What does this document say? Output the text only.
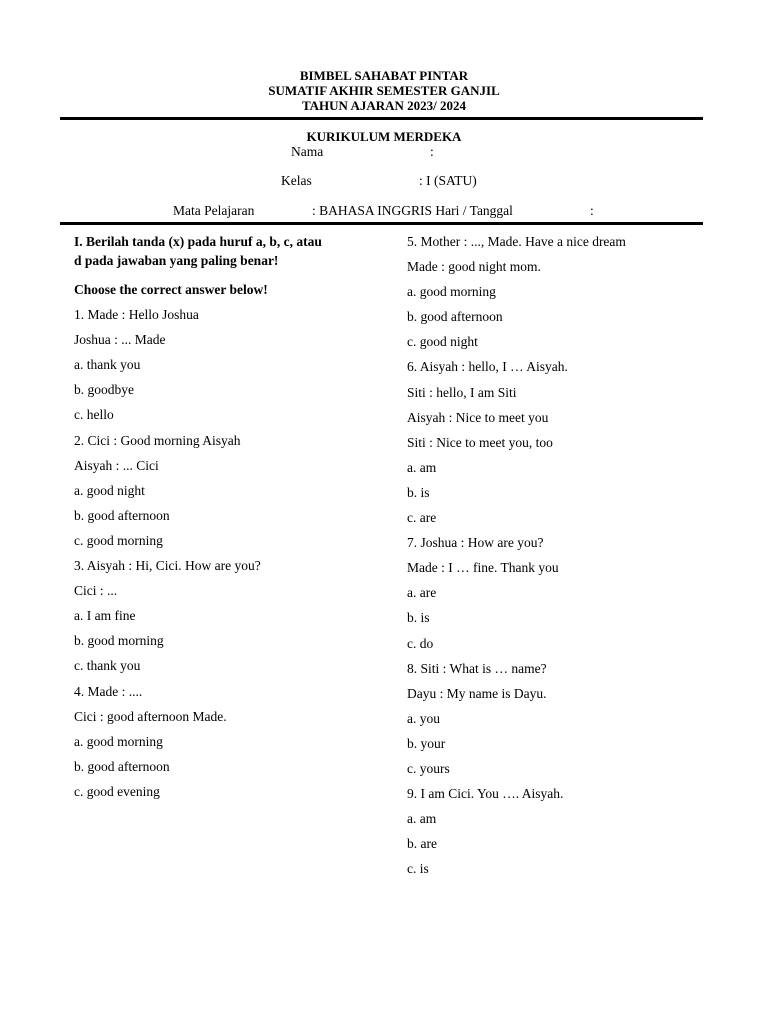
BIMBEL SAHABAT PINTAR
SUMATIF AKHIR SEMESTER GANJIL
TAHUN AJARAN 2023/ 2024
KURIKULUM MERDEKA
Nama	:
Kelas	: I (SATU)
Mata Pelajaran	: BAHASA INGGRIS Hari / Tanggal	:
I. Berilah tanda (x) pada huruf a, b, c, atau
d pada jawaban yang paling benar!
Choose the correct answer below!
1. Made : Hello Joshua
Joshua : ... Made
a. thank you
b. goodbye
c. hello
2. Cici : Good morning Aisyah
Aisyah : ... Cici
a. good night
b. good afternoon
c. good morning
3. Aisyah : Hi, Cici. How are you?
Cici : ...
a. I am fine
b. good morning
c. thank you
4. Made : ....
Cici : good afternoon Made.
a. good morning
b. good afternoon
c. good evening
5. Mother : ..., Made. Have a nice dream
Made : good night mom.
a. good morning
b. good afternoon
c. good night
6. Aisyah : hello, I … Aisyah.
Siti : hello, I am Siti
Aisyah : Nice to meet you
Siti : Nice to meet you, too
a. am
b. is
c. are
7. Joshua : How are you?
Made : I … fine. Thank you
a. are
b. is
c. do
8. Siti : What is … name?
Dayu : My name is Dayu.
a. you
b. your
c. yours
9. I am Cici. You …. Aisyah.
a. am
b. are
c. is
